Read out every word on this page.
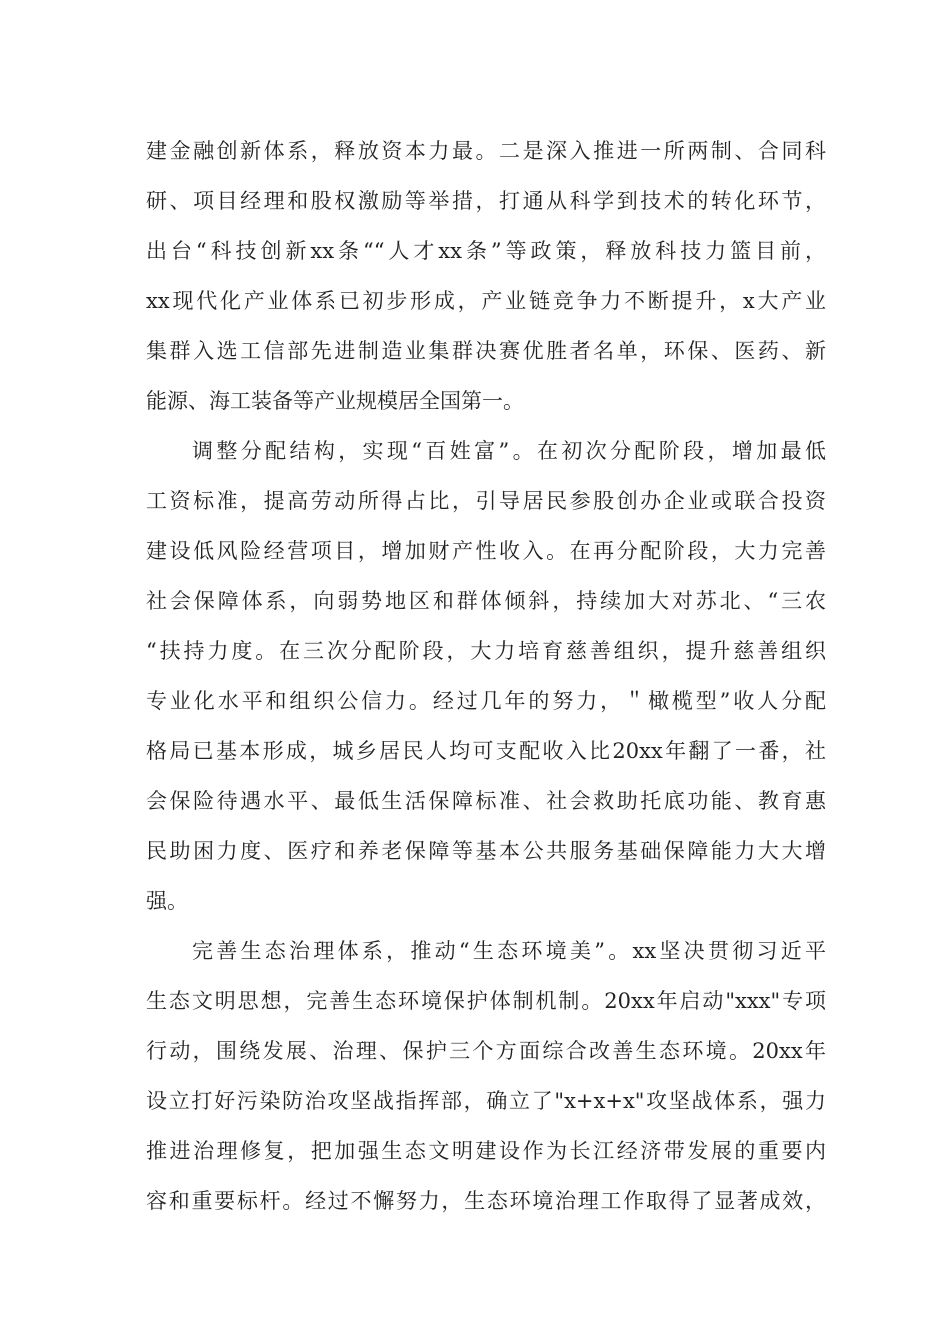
建金融创新体系，释放资本力最。二是深入推进一所两制、合同科
研、项目经理和股权激励等举措，打通从科学到技术的转化环节，
出台“科技创新xx条““人才xx条”等政策，释放科技力篮目前，
xx现代化产业体系已初步形成，产业链竞争力不断提升，x大产业
集群入选工信部先进制造业集群决赛优胜者名单，环保、医药、新
能源、海工装备等产业规模居全国第一。
调整分配结构，实现“百姓富”。在初次分配阶段，增加最低
工资标准，提高劳动所得占比，引导居民参股创办企业或联合投资
建设低风险经营项目，增加财产性收入。在再分配阶段，大力完善
社会保障体系，向弱势地区和群体倾斜，持续加大对苏北、“三农
“扶持力度。在三次分配阶段，大力培育慈善组织，提升慈善组织
专业化水平和组织公信力。经过几年的努力，＂橄榄型”收人分配
格局已基本形成，城乡居民人均可支配收入比20xx年翻了一番，社
会保险待遇水平、最低生活保障标准、社会救助托底功能、教育惠
民助困力度、医疗和养老保障等基本公共服务基础保障能力大大增
强。
完善生态治理体系，推动“生态环境美”。xx坚决贯彻习近平
生态文明思想，完善生态环境保护体制机制。20xx年启动"xxx"专项
行动，围绕发展、治理、保护三个方面综合改善生态环境。20xx年
设立打好污染防治攻坚战指挥部，确立了"x+x+x"攻坚战体系，强力
推进治理修复，把加强生态文明建设作为长江经济带发展的重要内
容和重要标杆。经过不懈努力，生态环境治理工作取得了显著成效，
